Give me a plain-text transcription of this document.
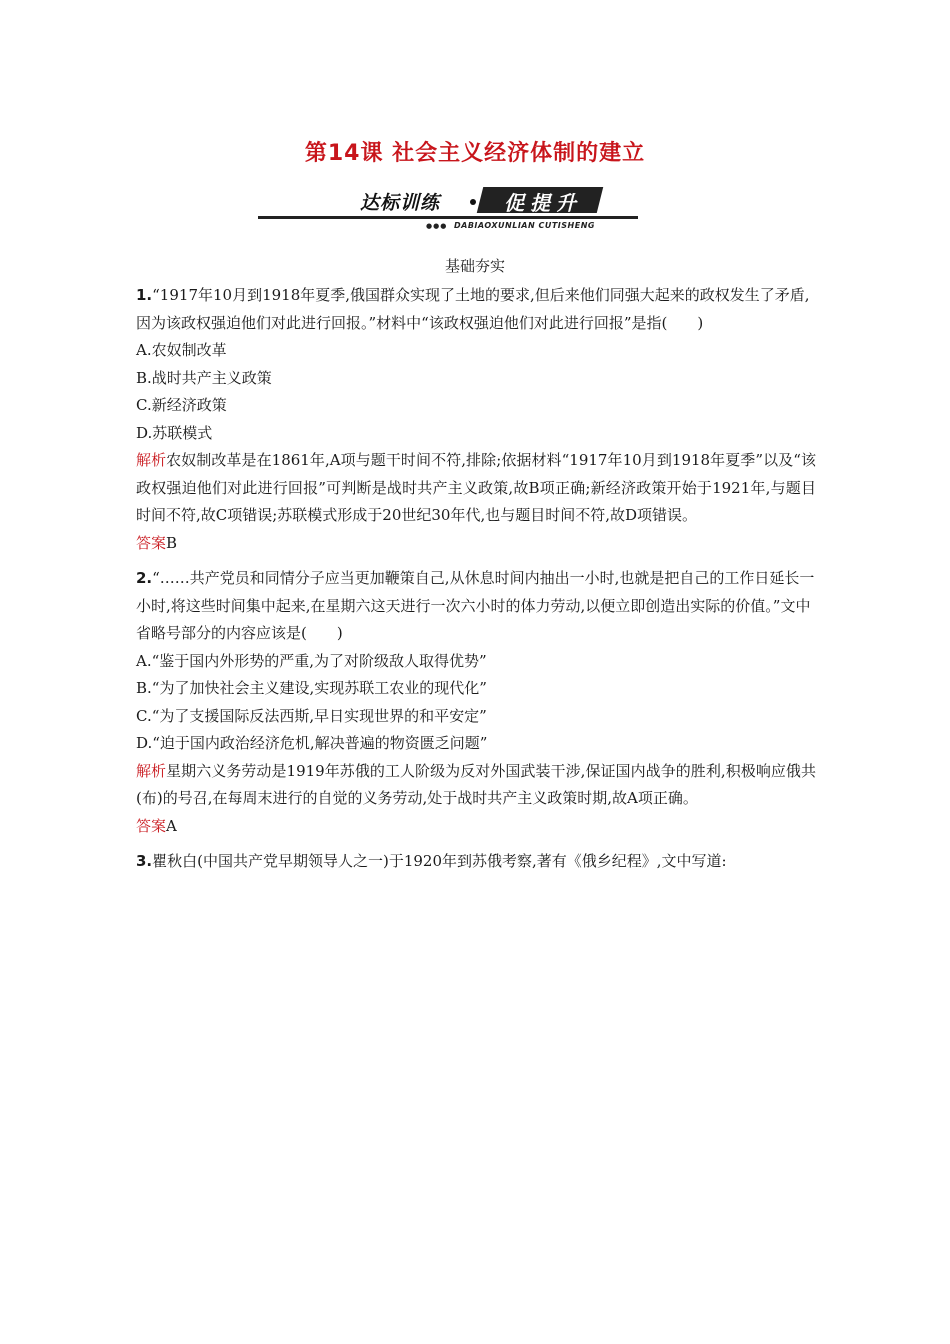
第14课 社会主义经济体制的建立
达标训练	促提升
●●● DABIAOXUNLIAN CUTISHENG
基础夯实

1.“1917年10月到1918年夏季,俄国群众实现了土地的要求,但后来他们同强大起来的政权发生了矛盾,因为该政权强迫他们对此进行回报。”材料中“该政权强迫他们对此进行回报”是指(　　)

A.农奴制改革

B.战时共产主义政策

C.新经济政策

D.苏联模式

解析农奴制改革是在1861年,A项与题干时间不符,排除;依据材料“1917年10月到1918年夏季”以及“该政权强迫他们对此进行回报”可判断是战时共产主义政策,故B项正确;新经济政策开始于1921年,与题目时间不符,故C项错误;苏联模式形成于20世纪30年代,也与题目时间不符,故D项错误。

答案B

2.“……共产党员和同情分子应当更加鞭策自己,从休息时间内抽出一小时,也就是把自己的工作日延长一小时,将这些时间集中起来,在星期六这天进行一次六小时的体力劳动,以便立即创造出实际的价值。”文中省略号部分的内容应该是(　　)

A.“鉴于国内外形势的严重,为了对阶级敌人取得优势”

B.“为了加快社会主义建设,实现苏联工农业的现代化”

C.“为了支援国际反法西斯,早日实现世界的和平安定”

D.“迫于国内政治经济危机,解决普遍的物资匮乏问题”

解析星期六义务劳动是1919年苏俄的工人阶级为反对外国武装干涉,保证国内战争的胜利,积极响应俄共(布)的号召,在每周末进行的自觉的义务劳动,处于战时共产主义政策时期,故A项正确。

答案A

3.瞿秋白(中国共产党早期领导人之一)于1920年到苏俄考察,著有《俄乡纪程》,文中写道:
